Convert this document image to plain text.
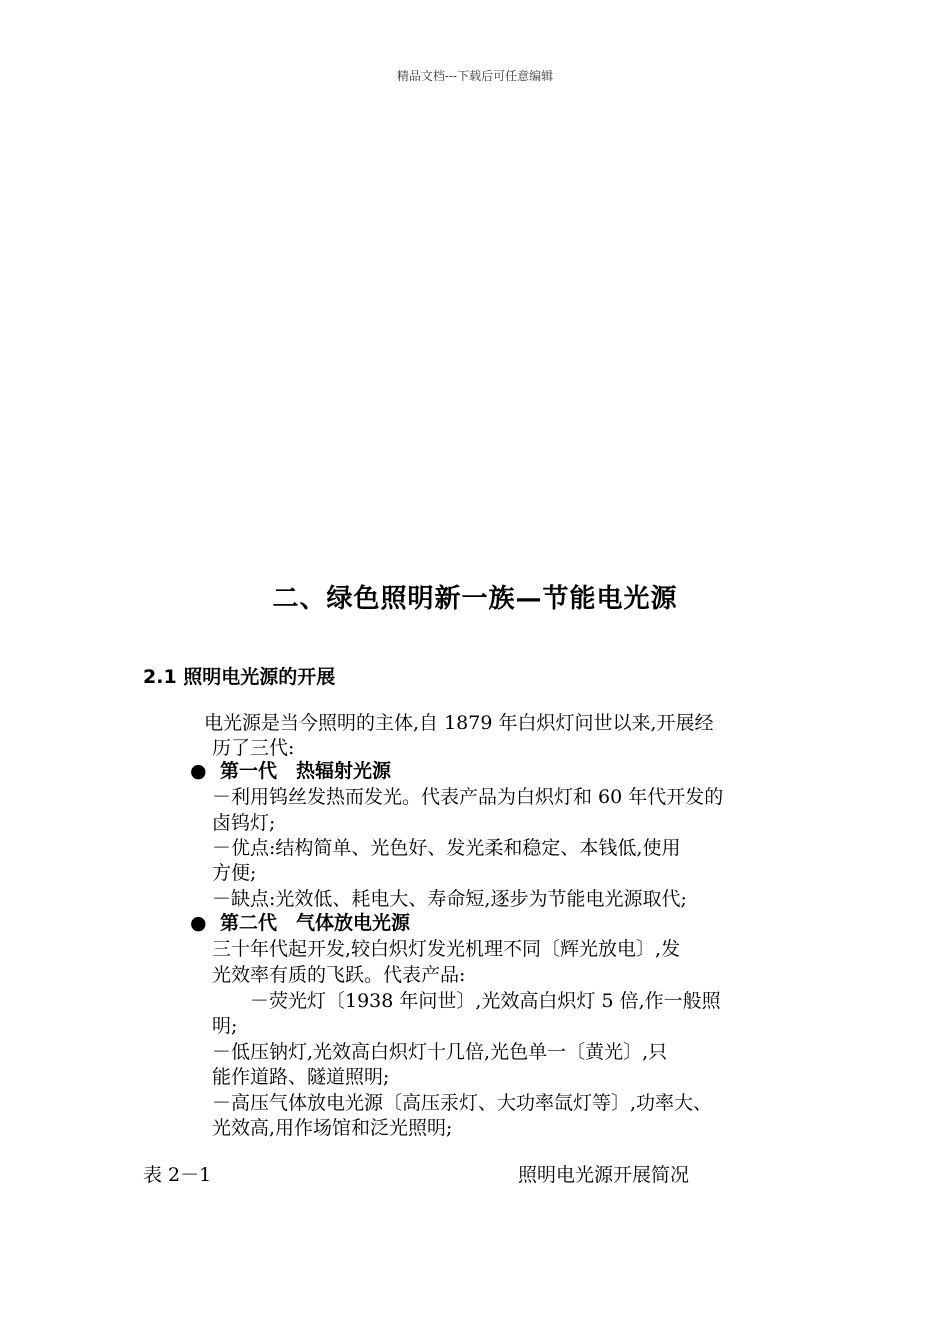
精品文档---下载后可任意编辑
二、绿色照明新一族—节能电光源
2.1 照明电光源的开展
电光源是当今照明的主体,自 1879 年白炽灯问世以来,开展经
历了三代:
● 第一代　热辐射光源
－利用钨丝发热而发光。代表产品为白炽灯和 60 年代开发的
卤钨灯;
－优点:结构简单、光色好、发光柔和稳定、本钱低,使用
方便;
－缺点:光效低、耗电大、寿命短,逐步为节能电光源取代;
● 第二代　气体放电光源
三十年代起开发,较白炽灯发光机理不同〔辉光放电〕,发
光效率有质的飞跃。代表产品:
　　－荧光灯〔1938 年问世〕,光效高白炽灯 5 倍,作一般照
明;
－低压钠灯,光效高白炽灯十几倍,光色单一〔黄光〕,只
能作道路、隧道照明;
－高压气体放电光源〔高压汞灯、大功率氙灯等〕,功率大、
光效高,用作场馆和泛光照明;
表 2－1	照明电光源开展简况
